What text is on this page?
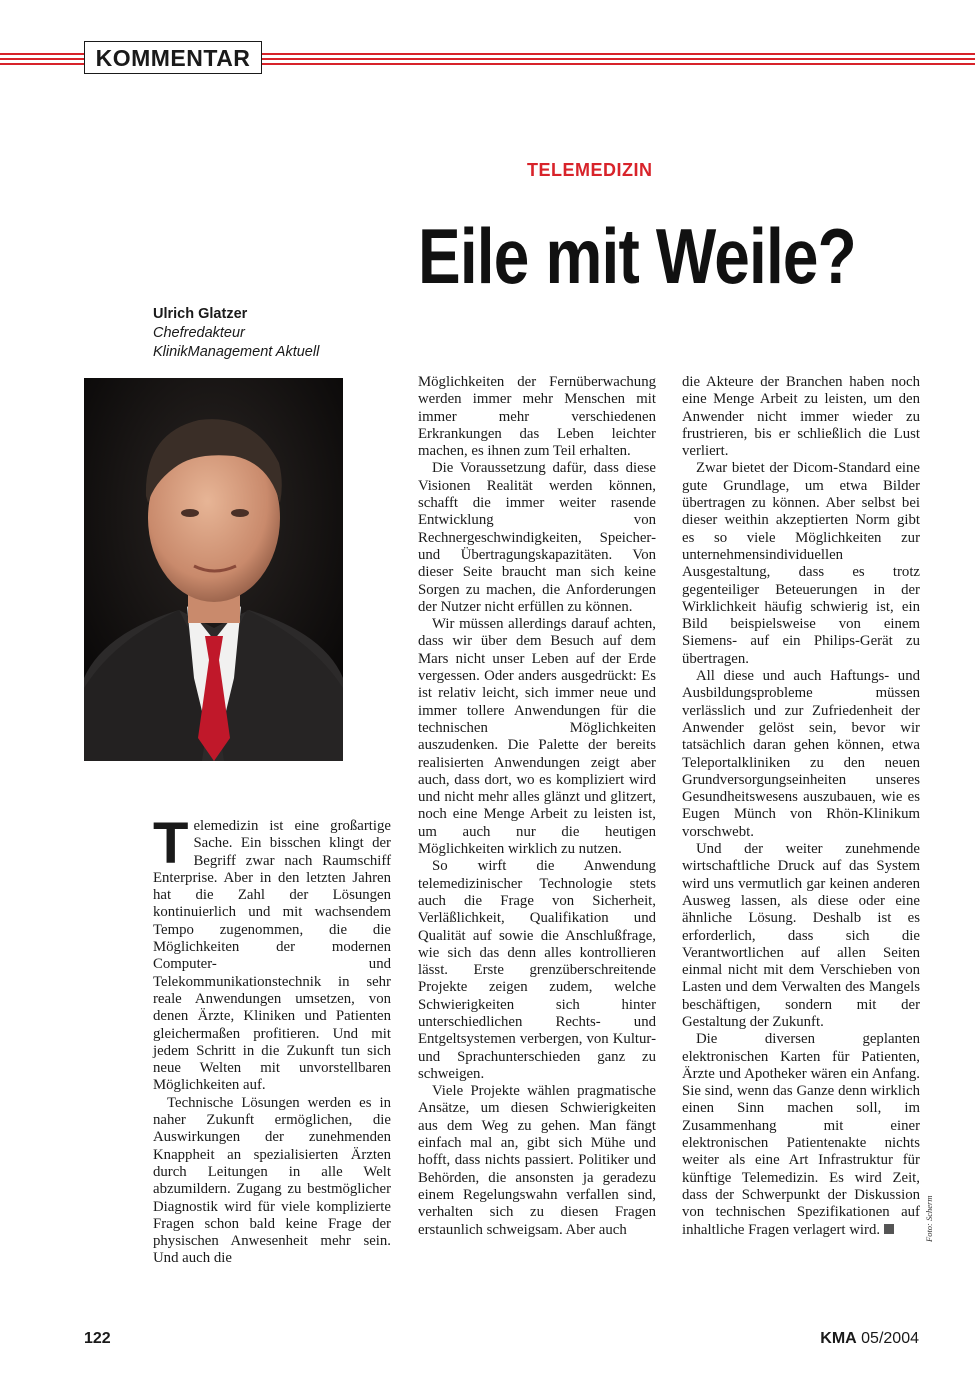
KOMMENTAR
TELEMEDIZIN
Eile mit Weile?
Ulrich Glatzer
Chefredakteur
KlinikManagement Aktuell

Telemedizin ist eine großartige Sache. Ein bisschen klingt der Begriff zwar nach Raumschiff Enterprise. Aber in den letzten Jahren hat die Zahl der Lösungen kontinuierlich und mit wachsendem Tempo zugenommen, die die Möglichkeiten der modernen Computer- und Telekommunikationstechnik in sehr reale Anwendungen umsetzen, von denen Ärzte, Kliniken und Patienten gleichermaßen profitieren. Und mit jedem Schritt in die Zukunft tun sich neue Welten mit unvorstellbaren Möglichkeiten auf.

Technische Lösungen werden es in naher Zukunft ermöglichen, die Auswirkungen der zunehmenden Knappheit an spezialisierten Ärzten durch Leitungen in alle Welt abzumildern. Zugang zu bestmöglicher Diagnostik wird für viele komplizierte Fragen schon bald keine Frage der physischen Anwesenheit mehr sein. Und auch die

Möglichkeiten der Fernüberwachung werden immer mehr Menschen mit immer mehr verschiedenen Erkrankungen das Leben leichter machen, es ihnen zum Teil erhalten.

Die Voraussetzung dafür, dass diese Visionen Realität werden können, schafft die immer weiter rasende Entwicklung von Rechnergeschwindigkeiten, Speicher- und Übertragungskapazitäten. Von dieser Seite braucht man sich keine Sorgen zu machen, die Anforderungen der Nutzer nicht erfüllen zu können.

Wir müssen allerdings darauf achten, dass wir über dem Besuch auf dem Mars nicht unser Leben auf der Erde vergessen. Oder anders ausgedrückt: Es ist relativ leicht, sich immer neue und immer tollere Anwendungen für die technischen Möglichkeiten auszudenken. Die Palette der bereits realisierten Anwendungen zeigt aber auch, dass dort, wo es kompliziert wird und nicht mehr alles glänzt und glitzert, noch eine Menge Arbeit zu leisten ist, um auch nur die heutigen Möglichkeiten wirklich zu nutzen.

So wirft die Anwendung telemedizinischer Technologie stets auch die Frage von Sicherheit, Verläßlichkeit, Qualifikation und Qualität auf sowie die Anschlußfrage, wie sich das denn alles kontrollieren lässt. Erste grenzüberschreitende Projekte zeigen zudem, welche Schwierigkeiten sich hinter unterschiedlichen Rechts- und Entgeltsystemen verbergen, von Kultur- und Sprachunterschieden ganz zu schweigen.

Viele Projekte wählen pragmatische Ansätze, um diesen Schwierigkeiten aus dem Weg zu gehen. Man fängt einfach mal an, gibt sich Mühe und hofft, dass nichts passiert. Politiker und Behörden, die ansonsten ja geradezu einem Regelungswahn verfallen sind, verhalten sich zu diesen Fragen erstaunlich schweigsam. Aber auch

die Akteure der Branchen haben noch eine Menge Arbeit zu leisten, um den Anwender nicht immer wieder zu frustrieren, bis er schließlich die Lust verliert.

Zwar bietet der Dicom-Standard eine gute Grundlage, um etwa Bilder übertragen zu können. Aber selbst bei dieser weithin akzeptierten Norm gibt es so viele Möglichkeiten zur unternehmensindividuellen Ausgestaltung, dass es trotz gegenteiliger Beteuerungen in der Wirklichkeit häufig schwierig ist, ein Bild beispielsweise von einem Siemens- auf ein Philips-Gerät zu übertragen.

All diese und auch Haftungs- und Ausbildungsprobleme müssen verlässlich und zur Zufriedenheit der Anwender gelöst sein, bevor wir tatsächlich daran gehen können, etwa Teleportalkliniken zu den neuen Grundversorgungseinheiten unseres Gesundheitswesens auszubauen, wie es Eugen Münch von Rhön-Klinikum vorschwebt.

Und der weiter zunehmende wirtschaftliche Druck auf das System wird uns vermutlich gar keinen anderen Ausweg lassen, als diese oder eine ähnliche Lösung. Deshalb ist es erforderlich, dass sich die Verantwortlichen auf allen Seiten einmal nicht mit dem Verschieben von Lasten und dem Verwalten des Mangels beschäftigen, sondern mit der Gestaltung der Zukunft.

Die diversen geplanten elektronischen Karten für Patienten, Ärzte und Apotheker wären ein Anfang. Sie sind, wenn das Ganze denn wirklich einen Sinn machen soll, im Zusammenhang mit einer elektronischen Patientenakte nichts weiter als eine Art Infrastruktur für künftige Telemedizin. Es wird Zeit, dass der Schwerpunkt der Diskussion von technischen Spezifikationen auf inhaltliche Fragen verlagert wird.	Foto: Scherm
122	KMA 05/2004
